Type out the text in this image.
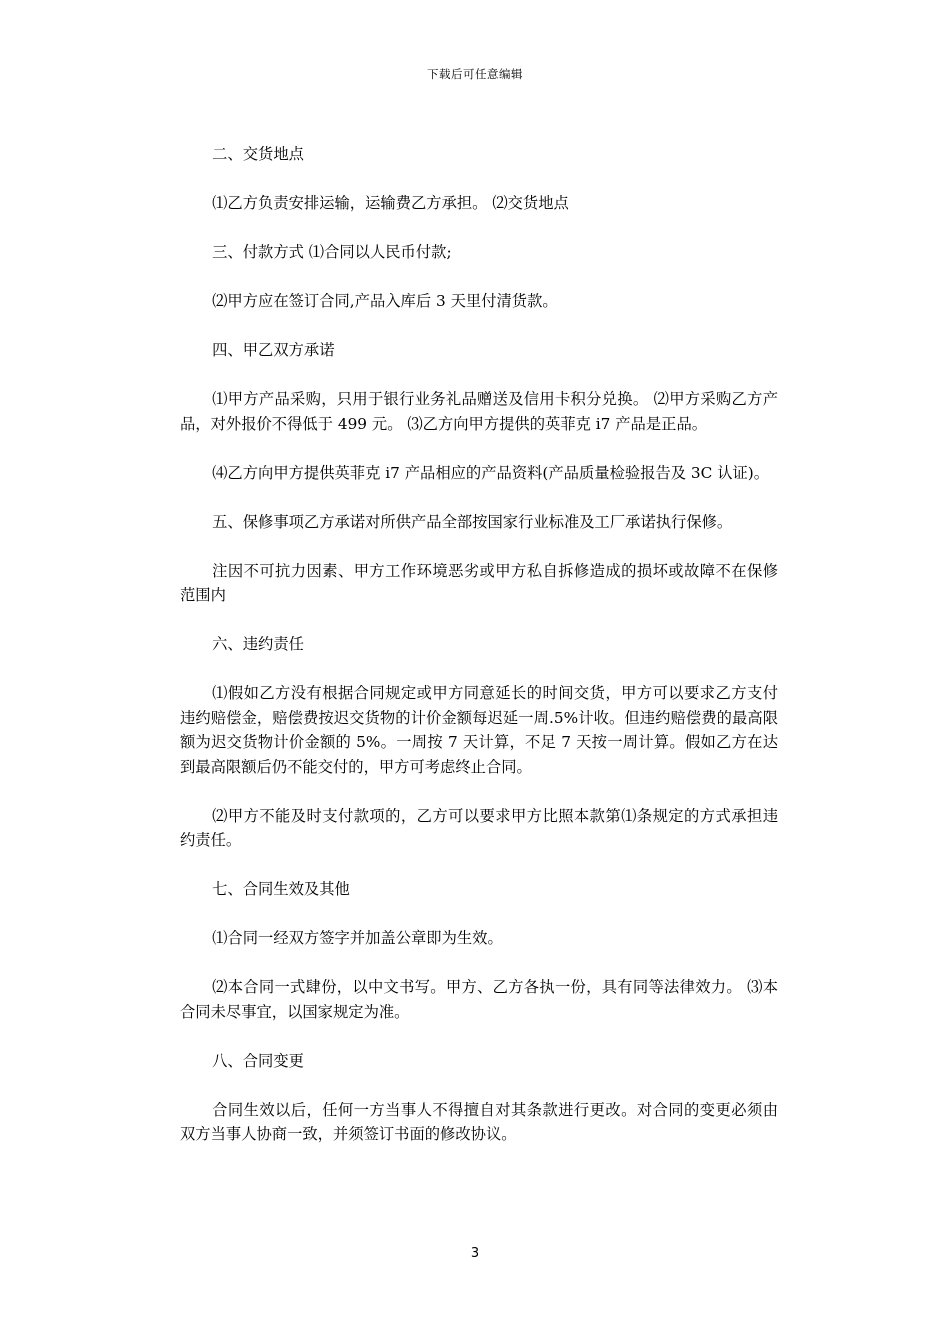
下载后可任意编辑

二、交货地点

⑴乙方负责安排运输，运输费乙方承担。 ⑵交货地点

三、付款方式 ⑴合同以人民币付款;

⑵甲方应在签订合同,产品入库后 3 天里付清货款。

四、甲乙双方承诺

⑴甲方产品采购，只用于银行业务礼品赠送及信用卡积分兑换。 ⑵甲方采购乙方产品，对外报价不得低于 499 元。 ⑶乙方向甲方提供的英菲克 i7 产品是正品。

⑷乙方向甲方提供英菲克 i7 产品相应的产品资料(产品质量检验报告及 3C 认证)。

五、保修事项乙方承诺对所供产品全部按国家行业标准及工厂承诺执行保修。

注因不可抗力因素、甲方工作环境恶劣或甲方私自拆修造成的损坏或故障不在保修范围内

六、违约责任

⑴假如乙方没有根据合同规定或甲方同意延长的时间交货，甲方可以要求乙方支付违约赔偿金，赔偿费按迟交货物的计价金额每迟延一周.5%计收。但违约赔偿费的最高限额为迟交货物计价金额的 5%。一周按 7 天计算，不足 7 天按一周计算。假如乙方在达到最高限额后仍不能交付的，甲方可考虑终止合同。

⑵甲方不能及时支付款项的，乙方可以要求甲方比照本款第⑴条规定的方式承担违约责任。

七、合同生效及其他

⑴合同一经双方签字并加盖公章即为生效。

⑵本合同一式肆份，以中文书写。甲方、乙方各执一份，具有同等法律效力。 ⑶本合同未尽事宜，以国家规定为准。

八、合同变更

合同生效以后，任何一方当事人不得擅自对其条款进行更改。对合同的变更必须由双方当事人协商一致，并须签订书面的修改协议。

3
